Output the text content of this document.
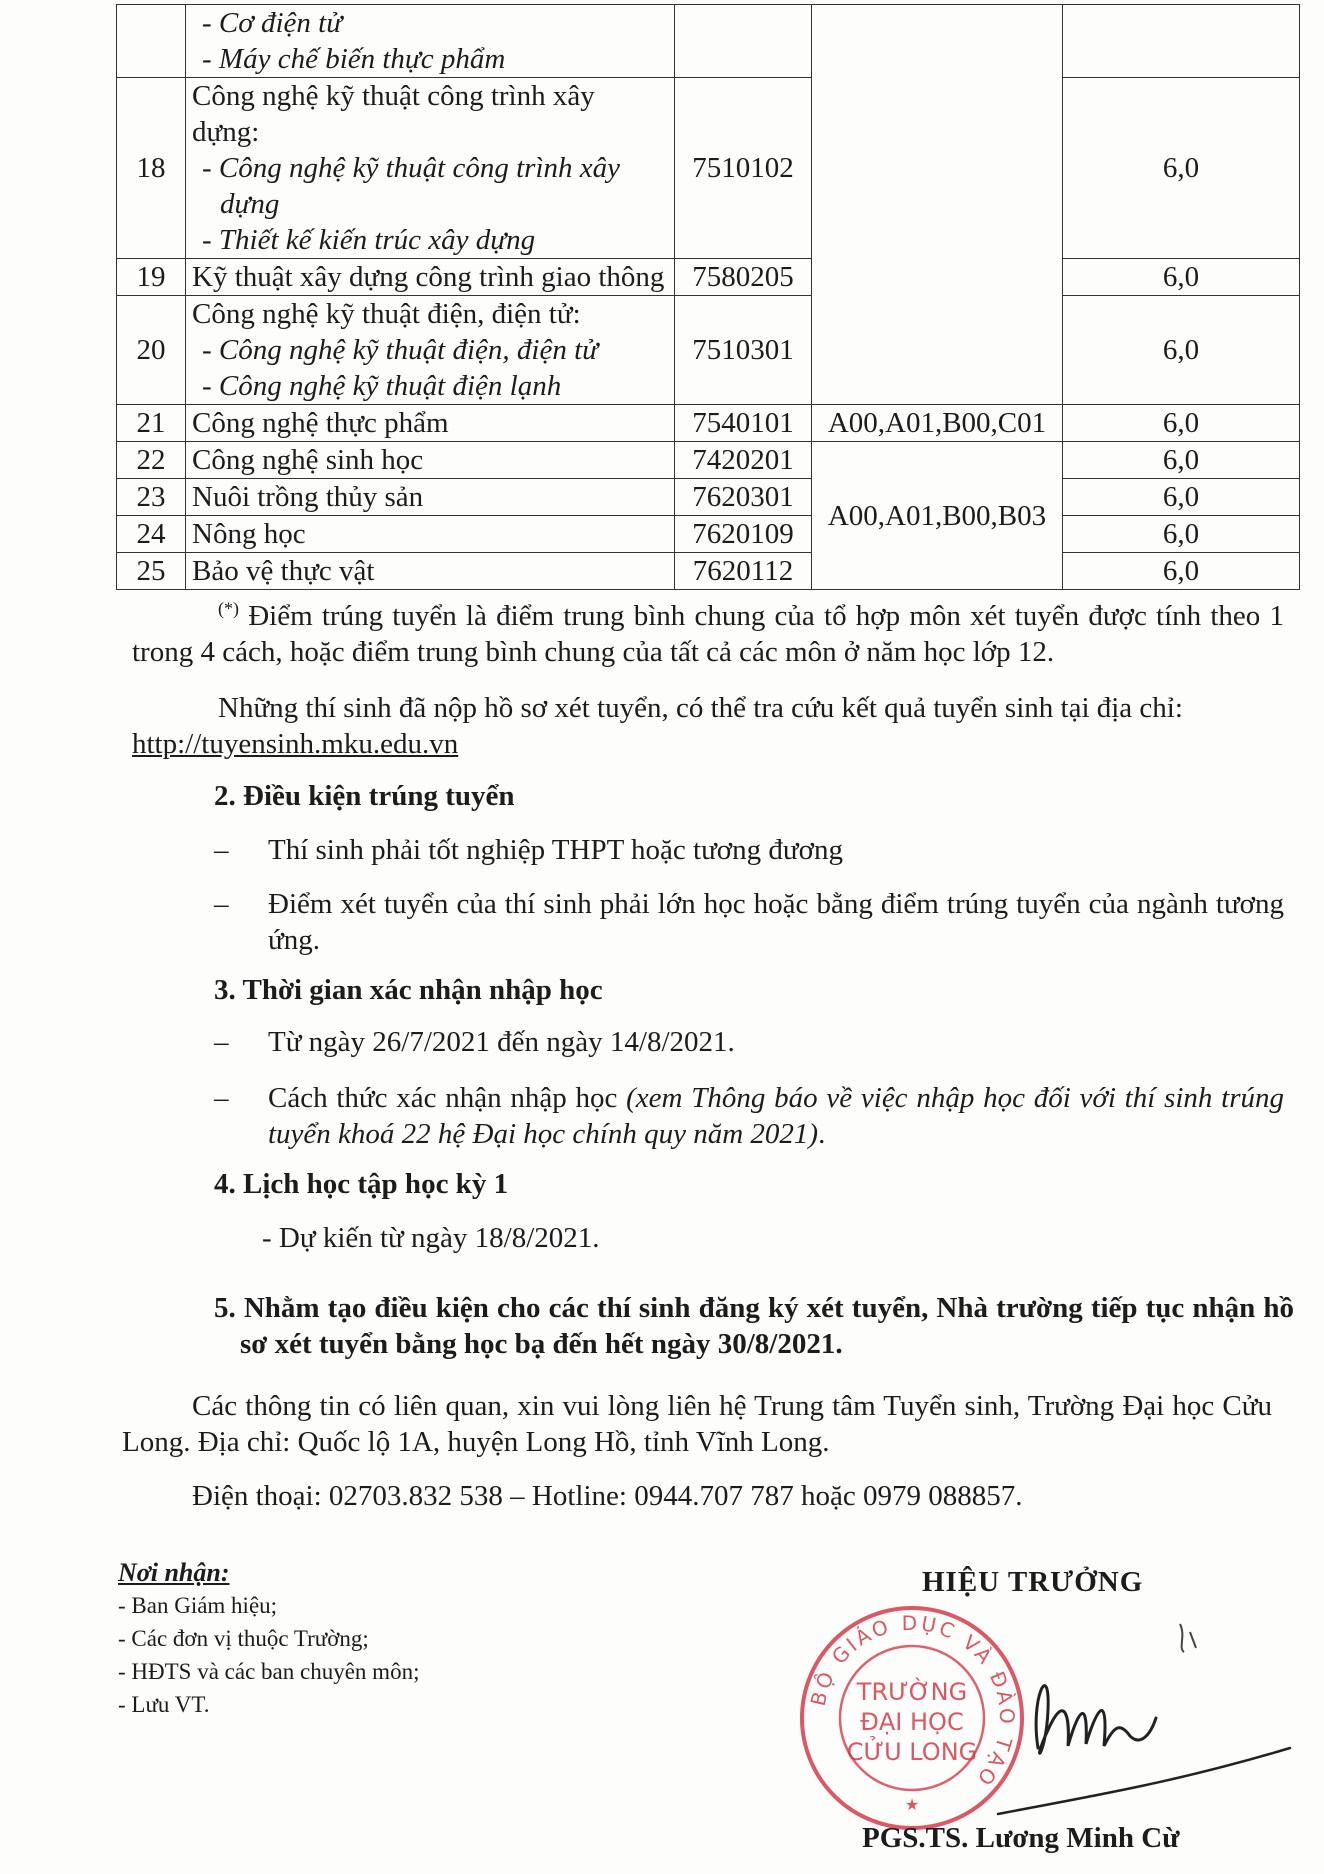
	- Cơ điện tử
- Máy chế biến thực phẩm			

18	Công nghệ kỹ thuật công trình xây dựng:
- Công nghệ kỹ thuật công trình xây dựng
- Thiết kế kiến trúc xây dựng	7510102		6,0
19	Kỹ thuật xây dựng công trình giao thông	7580205		6,0
20	Công nghệ kỹ thuật điện, điện tử:
- Công nghệ kỹ thuật điện, điện tử
- Công nghệ kỹ thuật điện lạnh	7510301		6,0
21	Công nghệ thực phẩm	7540101	A00,A01,B00,C01	6,0
22	Công nghệ sinh học	7420201	A00,A01,B00,B03	6,0
23	Nuôi trồng thủy sản	7620301		6,0
24	Nông học	7620109		6,0
25	Bảo vệ thực vật	7620112		6,0
(*) Điểm trúng tuyển là điểm trung bình chung của tổ hợp môn xét tuyển được tính theo 1 trong 4 cách, hoặc điểm trung bình chung của tất cả các môn ở năm học lớp 12.
Những thí sinh đã nộp hồ sơ xét tuyển, có thể tra cứu kết quả tuyển sinh tại địa chỉ:
http://tuyensinh.mku.edu.vn
2. Điều kiện trúng tuyển
– Thí sinh phải tốt nghiệp THPT hoặc tương đương
– Điểm xét tuyển của thí sinh phải lớn học hoặc bằng điểm trúng tuyển của ngành tương ứng.
3. Thời gian xác nhận nhập học
– Từ ngày 26/7/2021 đến ngày 14/8/2021.
– Cách thức xác nhận nhập học (xem Thông báo về việc nhập học đối với thí sinh trúng tuyển khoá 22 hệ Đại học chính quy năm 2021).
4. Lịch học tập học kỳ 1
- Dự kiến từ ngày 18/8/2021.
5. Nhằm tạo điều kiện cho các thí sinh đăng ký xét tuyển, Nhà trường tiếp tục nhận hồ sơ xét tuyển bằng học bạ đến hết ngày 30/8/2021.
Các thông tin có liên quan, xin vui lòng liên hệ Trung tâm Tuyển sinh, Trường Đại học Cửu Long. Địa chỉ: Quốc lộ 1A, huyện Long Hồ, tỉnh Vĩnh Long.
Điện thoại: 02703.832 538 – Hotline: 0944.707 787 hoặc 0979 088857.
Nơi nhận:
- Ban Giám hiệu;
- Các đơn vị thuộc Trường;
- HĐTS và các ban chuyên môn;
- Lưu VT.
HIỆU TRƯỞNG
BỘ GIÁO DỤC VÀ ĐÀO TẠO
TRƯỜNG
ĐẠI HỌC
CỬU LONG
★
PGS.TS. Lương Minh Cừ
